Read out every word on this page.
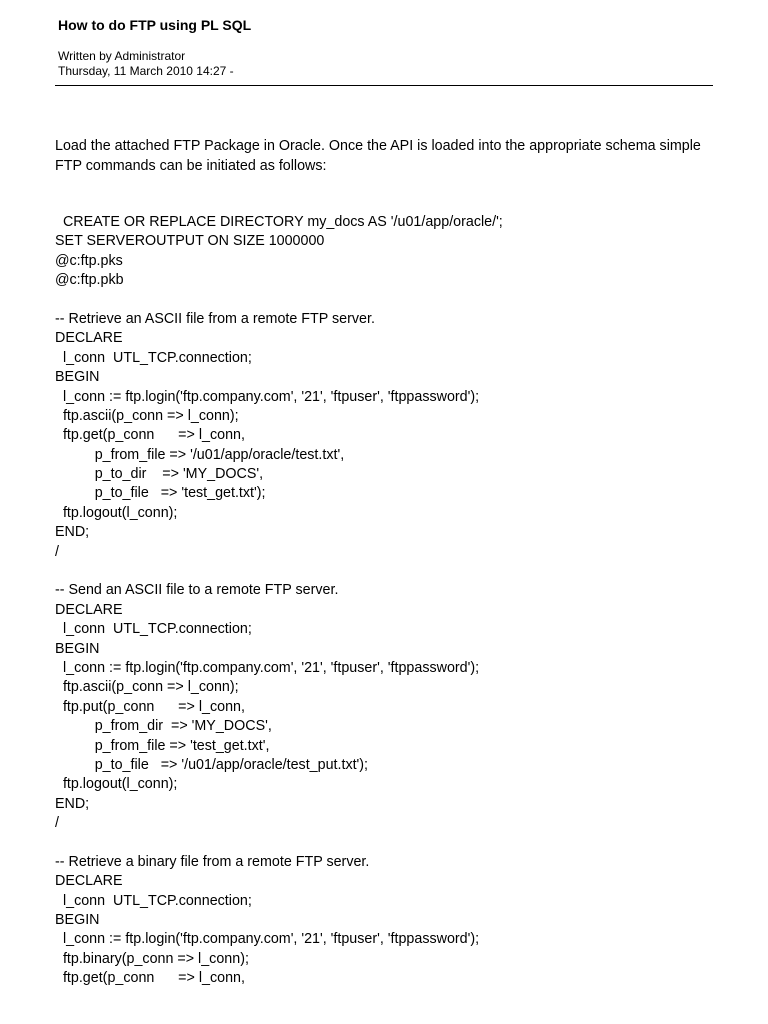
How to do FTP using PL SQL
Written by Administrator
Thursday, 11 March 2010 14:27 -

Load the attached FTP Package in Oracle. Once the API is loaded into the appropriate schema simple FTP commands can be initiated as follows:

CREATE OR REPLACE DIRECTORY my_docs AS '/u01/app/oracle/';
SET SERVEROUTPUT ON SIZE 1000000
@c:ftp.pks
@c:ftp.pkb
-- Retrieve an ASCII file from a remote FTP server.
DECLARE
l_conn  UTL_TCP.connection;
BEGIN
l_conn := ftp.login('ftp.company.com', '21', 'ftpuser', 'ftppassword');
ftp.ascii(p_conn => l_conn);
ftp.get(p_conn      => l_conn,
p_from_file => '/u01/app/oracle/test.txt',
p_to_dir    => 'MY_DOCS',
p_to_file   => 'test_get.txt');
ftp.logout(l_conn);
END;
/
-- Send an ASCII file to a remote FTP server.
DECLARE
l_conn  UTL_TCP.connection;
BEGIN
l_conn := ftp.login('ftp.company.com', '21', 'ftpuser', 'ftppassword');
ftp.ascii(p_conn => l_conn);
ftp.put(p_conn      => l_conn,
p_from_dir  => 'MY_DOCS',
p_from_file => 'test_get.txt',
p_to_file   => '/u01/app/oracle/test_put.txt');
ftp.logout(l_conn);
END;
/
-- Retrieve a binary file from a remote FTP server.
DECLARE
l_conn  UTL_TCP.connection;
BEGIN
l_conn := ftp.login('ftp.company.com', '21', 'ftpuser', 'ftppassword');
ftp.binary(p_conn => l_conn);
ftp.get(p_conn      => l_conn,
